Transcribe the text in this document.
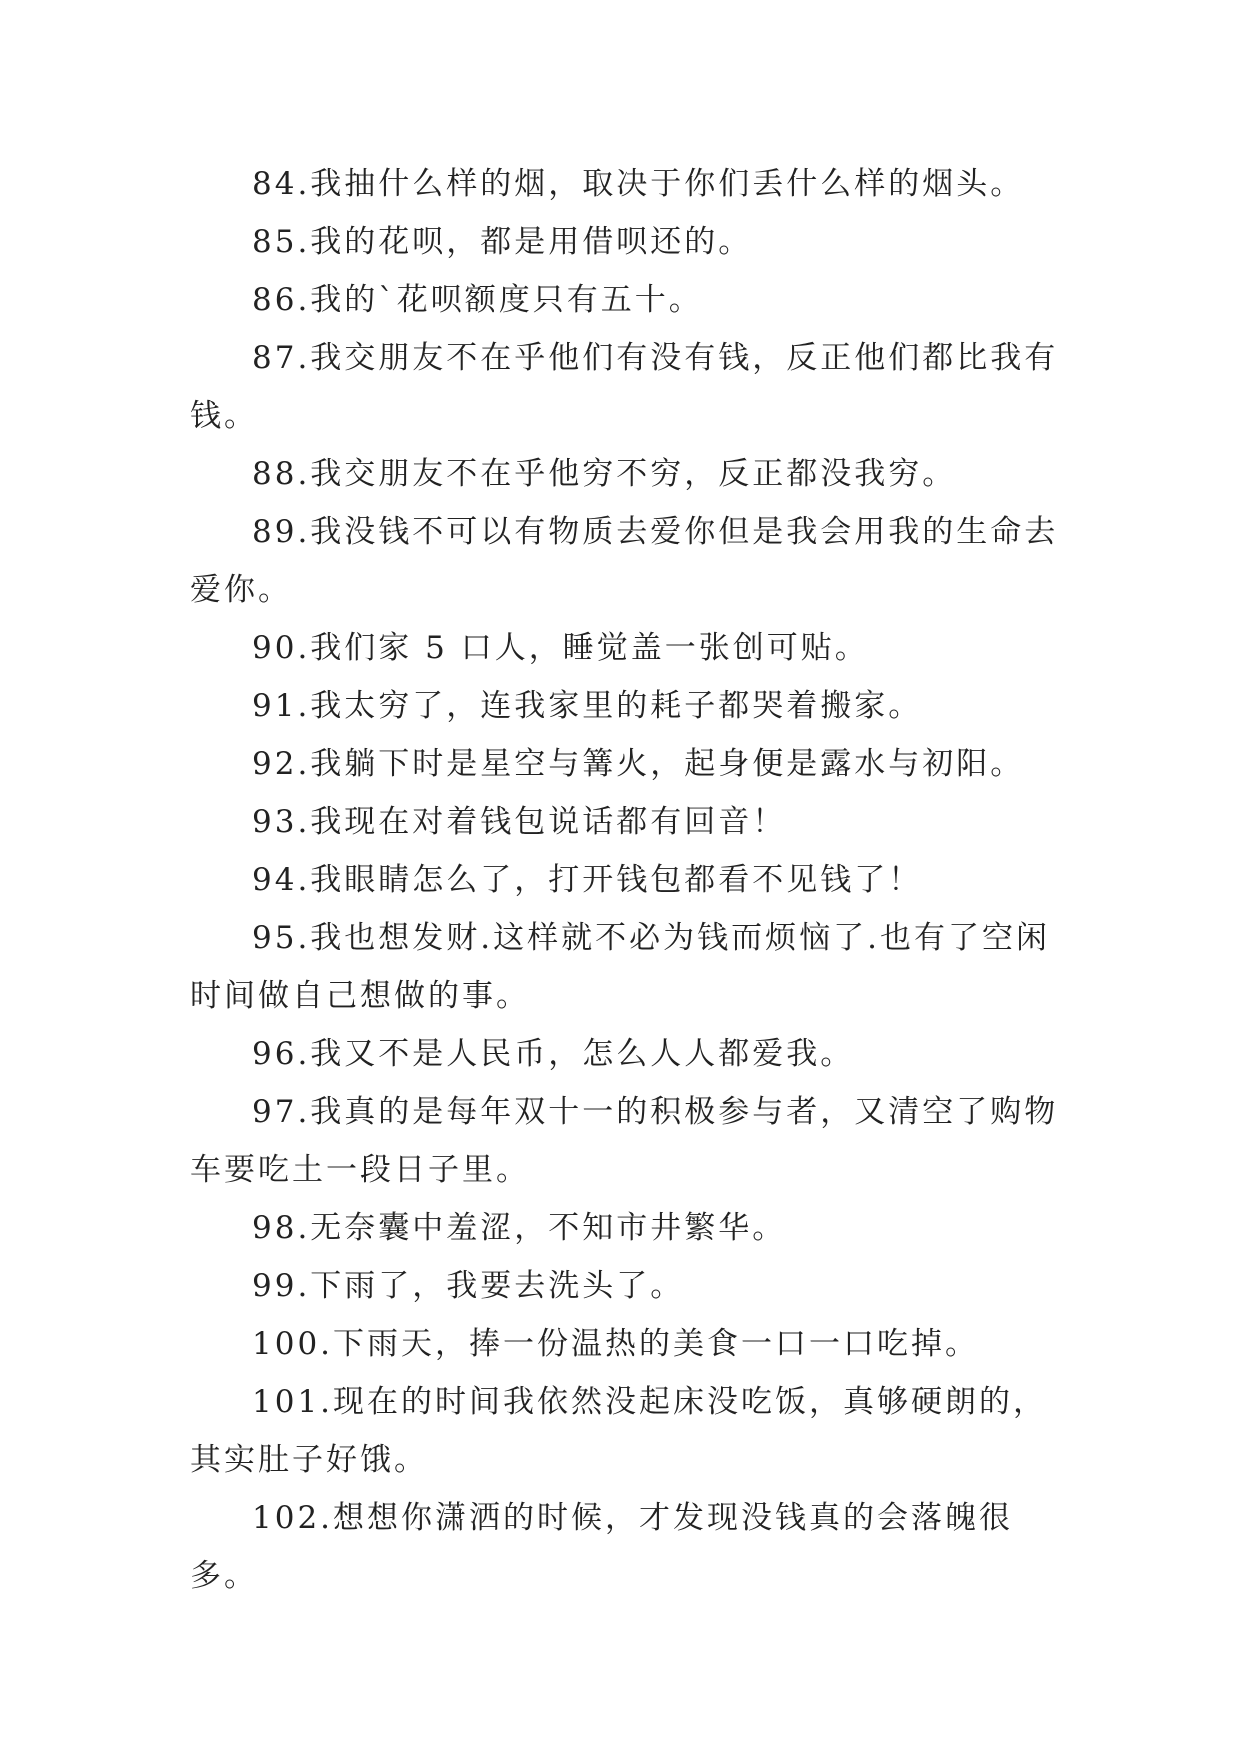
84.我抽什么样的烟，取决于你们丢什么样的烟头。

85.我的花呗，都是用借呗还的。

86.我的`花呗额度只有五十。

87.我交朋友不在乎他们有没有钱，反正他们都比我有钱。

88.我交朋友不在乎他穷不穷，反正都没我穷。

89.我没钱不可以有物质去爱你但是我会用我的生命去爱你。

90.我们家 5 口人，睡觉盖一张创可贴。

91.我太穷了，连我家里的耗子都哭着搬家。

92.我躺下时是星空与篝火，起身便是露水与初阳。

93.我现在对着钱包说话都有回音！

94.我眼睛怎么了，打开钱包都看不见钱了！

95.我也想发财.这样就不必为钱而烦恼了.也有了空闲时间做自己想做的事。

96.我又不是人民币，怎么人人都爱我。

97.我真的是每年双十一的积极参与者，又清空了购物车要吃土一段日子里。

98.无奈囊中羞涩，不知市井繁华。

99.下雨了，我要去洗头了。

100.下雨天，捧一份温热的美食一口一口吃掉。

101.现在的时间我依然没起床没吃饭，真够硬朗的，其实肚子好饿。

102.想想你潇洒的时候，才发现没钱真的会落魄很多。
